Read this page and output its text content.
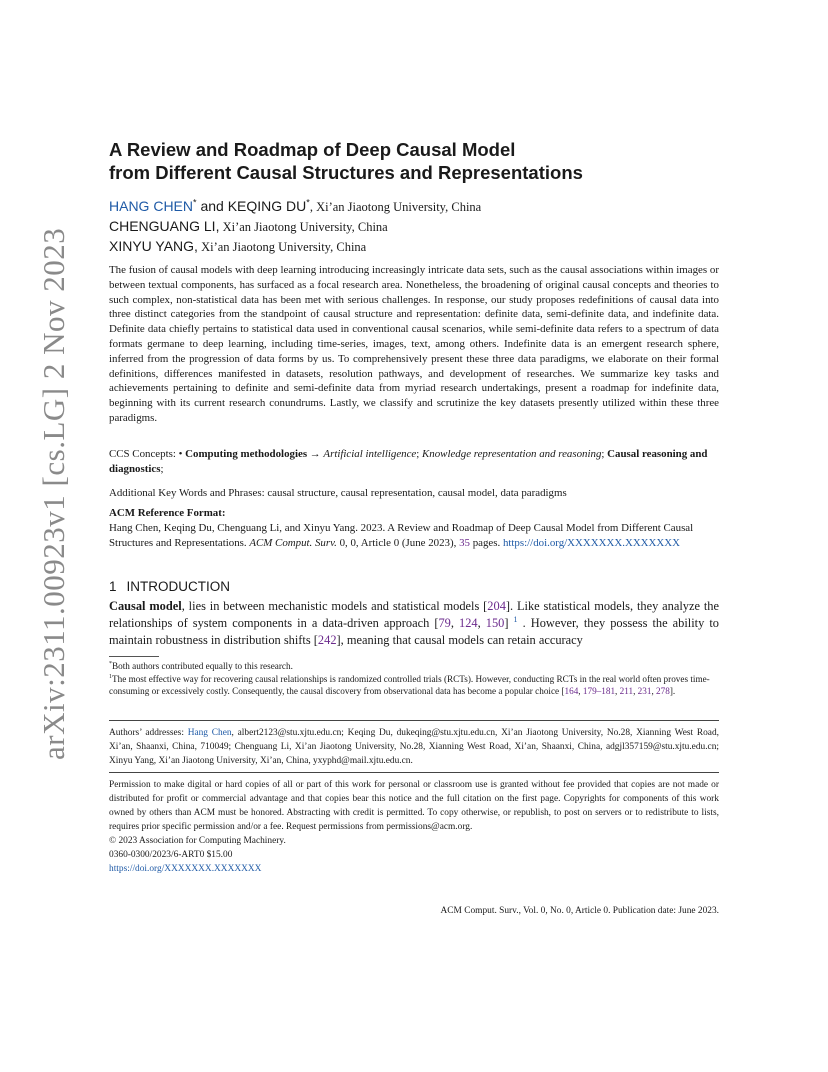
arXiv:2311.00923v1 [cs.LG] 2 Nov 2023
A Review and Roadmap of Deep Causal Model
from Different Causal Structures and Representations
HANG CHEN* and KEQING DU*, Xi’an Jiaotong University, China
CHENGUANG LI, Xi’an Jiaotong University, China
XINYU YANG, Xi’an Jiaotong University, China
The fusion of causal models with deep learning introducing increasingly intricate data sets, such as the causal associations within images or between textual components, has surfaced as a focal research area. Nonetheless, the broadening of original causal concepts and theories to such complex, non-statistical data has been met with serious challenges. In response, our study proposes redefinitions of causal data into three distinct categories from the standpoint of causal structure and representation: definite data, semi-definite data, and indefinite data. Definite data chiefly pertains to statistical data used in conventional causal scenarios, while semi-definite data refers to a spectrum of data formats germane to deep learning, including time-series, images, text, among others. Indefinite data is an emergent research sphere, inferred from the progression of data forms by us. To comprehensively present these three data paradigms, we elaborate on their formal definitions, differences manifested in datasets, resolution pathways, and development of researches. We summarize key tasks and achievements pertaining to definite and semi-definite data from myriad research undertakings, present a roadmap for indefinite data, beginning with its current research conundrums. Lastly, we classify and scrutinize the key datasets presently utilized within these three paradigms.
CCS Concepts: • Computing methodologies → Artificial intelligence; Knowledge representation and reasoning; Causal reasoning and diagnostics;
Additional Key Words and Phrases: causal structure, causal representation, causal model, data paradigms
ACM Reference Format:
Hang Chen, Keqing Du, Chenguang Li, and Xinyu Yang. 2023. A Review and Roadmap of Deep Causal Model from Different Causal Structures and Representations. ACM Comput. Surv. 0, 0, Article 0 (June 2023), 35 pages. https://doi.org/XXXXXXX.XXXXXXX
1 INTRODUCTION
Causal model, lies in between mechanistic models and statistical models [204]. Like statistical models, they analyze the relationships of system components in a data-driven approach [79, 124, 150] $^1$ . However, they possess the ability to maintain robustness in distribution shifts [242], meaning that causal models can retain accuracy
*Both authors contributed equally to this research.
$^1$The most effective way for recovering causal relationships is randomized controlled trials (RCTs). However, conducting RCTs in the real world often proves time-consuming or excessively costly. Consequently, the causal discovery from observational data has become a popular choice [164, 179–181, 211, 231, 278].
Authors’ addresses: Hang Chen, albert2123@stu.xjtu.edu.cn; Keqing Du, dukeqing@stu.xjtu.edu.cn, Xi’an Jiaotong University, No.28, Xianning West Road, Xi’an, Shaanxi, China, 710049; Chenguang Li, Xi’an Jiaotong University, No.28, Xianning West Road, Xi’an, Shaanxi, China, adgjl357159@stu.xjtu.edu.cn; Xinyu Yang, Xi’an Jiaotong University, Xi’an, China, yxyphd@mail.xjtu.edu.cn.
Permission to make digital or hard copies of all or part of this work for personal or classroom use is granted without fee provided that copies are not made or distributed for profit or commercial advantage and that copies bear this notice and the full citation on the first page. Copyrights for components of this work owned by others than ACM must be honored. Abstracting with credit is permitted. To copy otherwise, or republish, to post on servers or to redistribute to lists, requires prior specific permission and/or a fee. Request permissions from permissions@acm.org.
© 2023 Association for Computing Machinery.
0360-0300/2023/6-ART0 $15.00
https://doi.org/XXXXXXX.XXXXXXX
ACM Comput. Surv., Vol. 0, No. 0, Article 0. Publication date: June 2023.
